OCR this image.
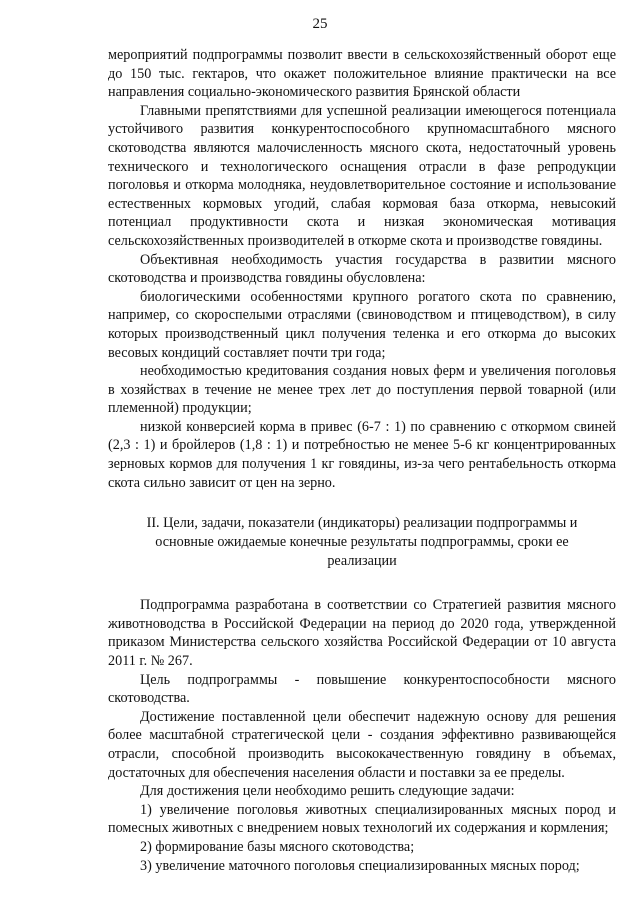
25

мероприятий подпрограммы позволит ввести в сельскохозяйственный оборот еще до 150 тыс. гектаров, что окажет положительное влияние практически на все направления социально-экономического развития Брянской области

Главными препятствиями для успешной реализации имеющегося потенциала устойчивого развития конкурентоспособного крупномасштабного мясного скотоводства являются малочисленность мясного скота, недостаточный уровень технического и технологического оснащения отрасли в фазе репродукции поголовья и откорма молодняка, неудовлетворительное состояние и использование естественных кормовых угодий, слабая кормовая база откорма, невысокий потенциал продуктивности скота и низкая экономическая мотивация сельскохозяйственных производителей в откорме скота и производстве говядины.

Объективная необходимость участия государства в развитии мясного скотоводства и производства говядины обусловлена:

биологическими особенностями крупного рогатого скота по сравнению, например, со скороспелыми отраслями (свиноводством и птицеводством), в силу которых производственный цикл получения теленка и его откорма до высоких весовых кондиций составляет почти три года;

необходимостью кредитования создания новых ферм и увеличения поголовья в хозяйствах в течение не менее трех лет до поступления первой товарной (или племенной) продукции;

низкой конверсией корма в привес (6-7 : 1) по сравнению с откормом свиней (2,3 : 1) и бройлеров (1,8 : 1) и потребностью не менее 5-6 кг концентрированных зерновых кормов для получения 1 кг говядины, из-за чего рентабельность откорма скота сильно зависит от цен на зерно.

II. Цели, задачи, показатели (индикаторы) реализации подпрограммы и основные ожидаемые конечные результаты подпрограммы, сроки ее реализации

Подпрограмма разработана в соответствии со Стратегией развития мясного животноводства в Российской Федерации на период до 2020 года, утвержденной приказом Министерства сельского хозяйства Российской Федерации от 10 августа 2011 г. № 267.

Цель подпрограммы - повышение конкурентоспособности мясного скотоводства.

Достижение поставленной цели обеспечит надежную основу для решения более масштабной стратегической цели - создания эффективно развивающейся отрасли, способной производить высококачественную говядину в объемах, достаточных для обеспечения населения области и поставки за ее пределы.

Для достижения цели необходимо решить следующие задачи:

1) увеличение поголовья животных специализированных мясных пород и помесных животных с внедрением новых технологий их содержания и кормления;

2) формирование базы мясного скотоводства;

3) увеличение маточного поголовья специализированных мясных пород;
